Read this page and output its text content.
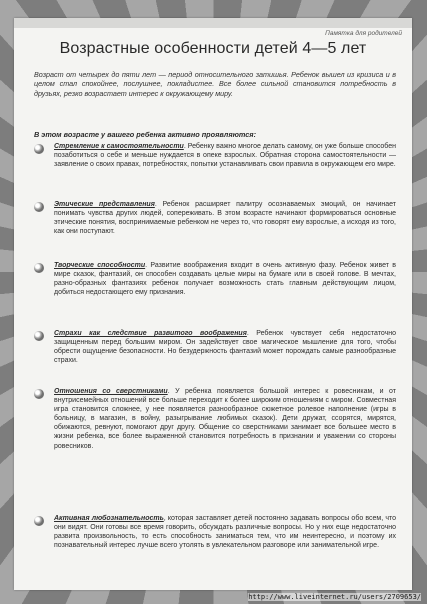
Памятка для родителей
Возрастные особенности детей 4—5 лет

Возраст от четырех до пяти лет — период относительного затишья. Ребенок вышел из кризиса и в целом стал спокойнее, послушнее, покладистее. Все более сильной становится потребность в друзьях, резко возрастает интерес к окружающему миру.

В этом возрасте у вашего ребенка активно проявляются:

Стремление к самостоятельности. Ребенку важно многое делать самому, он уже больше способен позаботиться о себе и меньше нуждается в опеке взрослых. Обратная сторона самостоятельности — заявление о своих правах, потребностях, попытки устанавливать свои правила в окружающем его мире.

Этические представления. Ребенок расширяет палитру осознаваемых эмоций, он начинает понимать чувства других людей, сопереживать. В этом возрасте начинают формироваться основные этические понятия, воспринимаемые ребенком не через то, что говорят ему взрослые, а исходя из того, как они поступают.

Творческие способности. Развитие воображения входит в очень активную фазу. Ребенок живет в мире сказок, фантазий, он способен создавать целые миры на бумаге или в своей голове. В мечтах, разно-образных фантазиях ребенок получает возможность стать главным действующим лицом, добиться недостающего ему признания.

Страхи как следствие развитого воображения. Ребенок чувствует себя недостаточно защищенным перед большим миром. Он задействует свое магическое мышление для того, чтобы обрести ощущение безопасности. Но безудержность фантазий может порождать самые разнообразные страхи.

Отношения со сверстниками. У ребенка появляется большой интерес к ровесникам, и от внутрисемейных отношений все больше переходит к более широким отношениям с миром. Совместная игра становится сложнее, у нее появляется разнообразное сюжетное ролевое наполнение (игры в больницу, в магазин, в войну, разыгрывание любимых сказок). Дети дружат, ссорятся, мирятся, обижаются, ревнуют, помогают друг другу. Общение со сверстниками занимает все большее место в жизни ребенка, все более выраженной становится потребность в признании и уважении со стороны ровесников.

Активная любознательность, которая заставляет детей постоянно задавать вопросы обо всем, что они видят. Они готовы все время говорить, обсуждать различные вопросы. Но у них еще недостаточно развита произвольность, то есть способность заниматься тем, что им неинтересно, и поэтому их познавательный интерес лучше всего утолять в увлекательном разговоре или занимательной игре.

http://www.liveinternet.ru/users/2709653/
